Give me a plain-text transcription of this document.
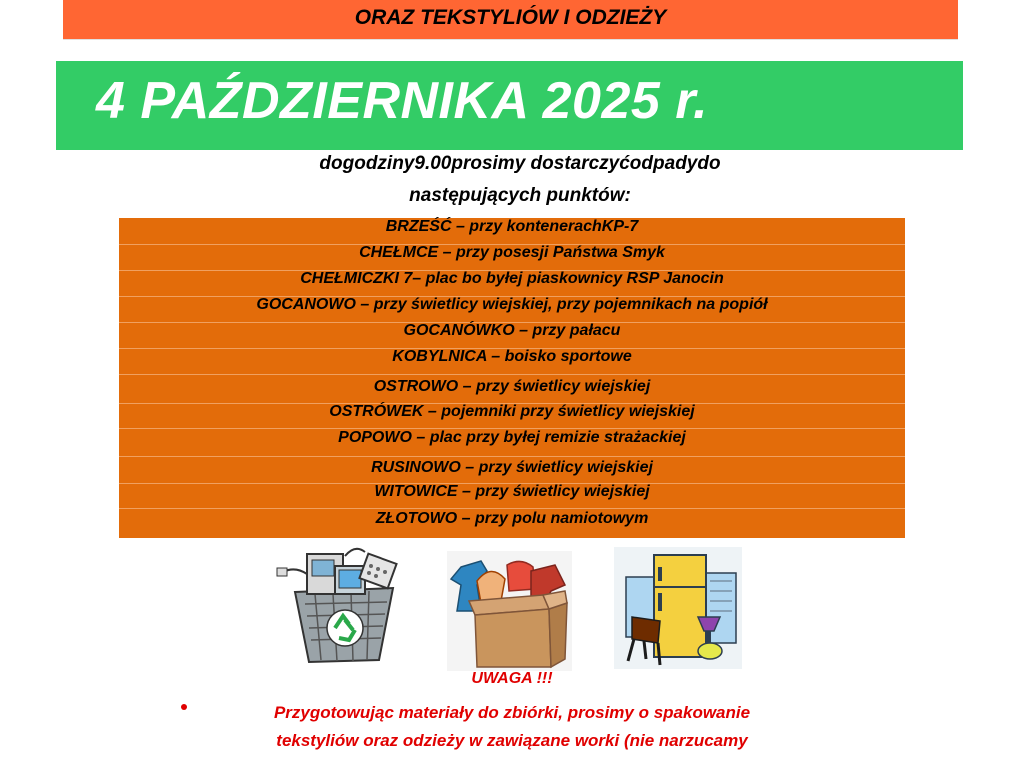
ORAZ TEKSTYLIÓW I ODZIEŻY
4 PAŹDZIERNIKA 2025 r.
dogodziny9.00prosimy dostarczyćodpadydo
następujących punktów:
BRZEŚĆ – przy kontenerachKP-7
CHEŁMCE – przy posesji Państwa Smyk
CHEŁMICZKI 7– plac bo byłej piaskownicy RSP Janocin
GOCANOWO – przy świetlicy wiejskiej, przy pojemnikach na popiół
GOCANÓWKO – przy pałacu
KOBYLNICA – boisko sportowe
OSTROWO – przy świetlicy wiejskiej
OSTRÓWEK – pojemniki przy świetlicy wiejskiej
POPOWO – plac przy byłej remizie strażackiej
RUSINOWO – przy świetlicy wiejskiej
WITOWICE – przy świetlicy wiejskiej
ZŁOTOWO – przy polu namiotowym
UWAGA !!!
Przygotowując materiały do zbiórki, prosimy o spakowanie
tekstyliów oraz odzieży w zawiązane worki (nie narzucamy
